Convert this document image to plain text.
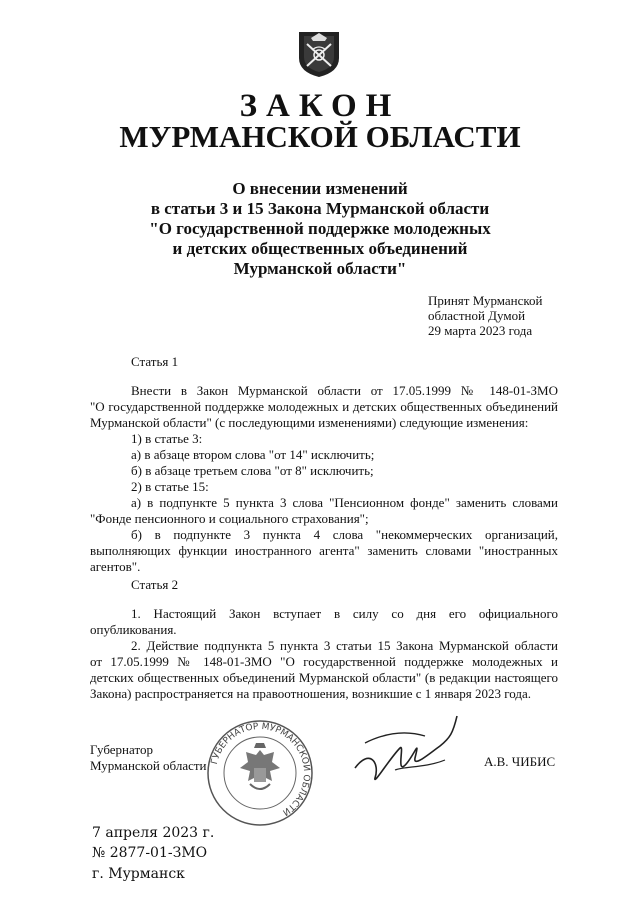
ЗАКОН
МУРМАНСКОЙ ОБЛАСТИ
О внесении изменений
в статьи 3 и 15 Закона Мурманской области
"О государственной поддержке молодежных
и детских общественных объединений
Мурманской области"
Принят Мурманской
областной Думой
29 марта 2023 года
Статья 1
Внести в Закон Мурманской области от 17.05.1999 № 148-01-ЗМО
"О государственной поддержке молодежных и детских общественных объединений
Мурманской области" (с последующими изменениями) следующие изменения:
1) в статье 3:
а) в абзаце втором слова "от 14" исключить;
б) в абзаце третьем слова "от 8" исключить;
2) в статье 15:
а) в подпункте 5 пункта 3 слова "Пенсионном фонде" заменить словами
"Фонде пенсионного и социального страхования";
б) в подпункте 3 пункта 4 слова "некоммерческих организаций,
выполняющих функции иностранного агента" заменить словами "иностранных
агентов".
Статья 2
1. Настоящий Закон вступает в силу со дня его официального
опубликования.
2. Действие подпункта 5 пункта 3 статьи 15 Закона Мурманской области
от 17.05.1999 № 148-01-ЗМО "О государственной поддержке молодежных и
детских общественных объединений Мурманской области" (в редакции настоящего
Закона) распространяется на правоотношения, возникшие с 1 января 2023 года.
Губернатор
Мурманской области ГУБЕРНАТОР МУРМАНСКОЙ ОБЛАСТИ
А.В. ЧИБИС
7 апреля 2023 г.
№ 2877-01-ЗМО
г. Мурманск
